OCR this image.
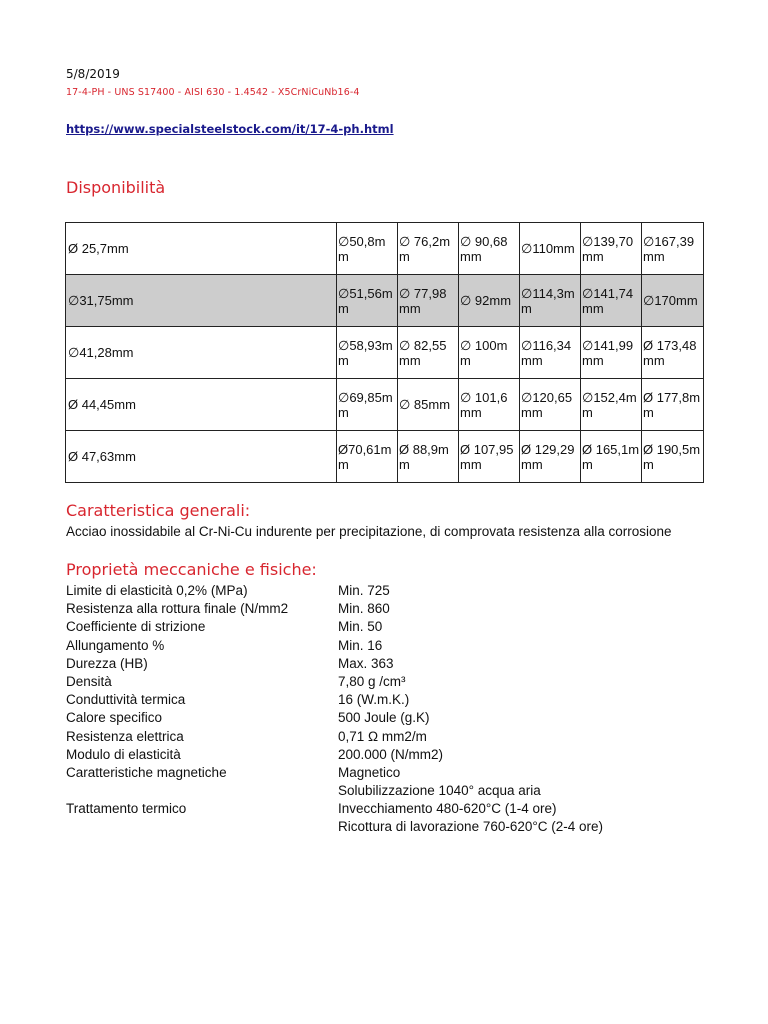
5/8/2019
17-4-PH - UNS S17400 - AISI 630 - 1.4542 - X5CrNiCuNb16-4
https://www.specialsteelstock.com/it/17-4-ph.html
Disponibilità
Ø 25,7mm	∅50,8mm	∅ 76,2mm	∅ 90,68mm	∅110mm	∅139,70mm	∅167,39mm
∅31,75mm	∅51,56mm	∅ 77,98mm	∅ 92mm	∅114,3mm	∅141,74mm	∅170mm
∅41,28mm	∅58,93mm	∅ 82,55mm	∅ 100mm	∅116,34mm	∅141,99mm	Ø 173,48mm
Ø 44,45mm	∅69,85mm	∅ 85mm	∅ 101,6mm	∅120,65mm	∅152,4mm	Ø 177,8mm
Ø 47,63mm	Ø70,61mm	Ø 88,9mm	Ø 107,95mm	Ø 129,29mm	Ø 165,1mm	Ø 190,5mm
Caratteristica generali:
Acciao inossidabile al Cr-Ni-Cu indurente per precipitazione, di comprovata resistenza alla corrosione
Proprietà meccaniche e fisiche:
Limite di elasticità 0,2% (MPa)	Min. 725
Resistenza alla rottura finale (N/mm2	Min. 860
Coefficiente di strizione	Min. 50
Allungamento %	Min. 16
Durezza (HB)	Max. 363
Densità	7,80 g /cm³
Conduttività termica	16 (W.m.K.)
Calore specifico	500 Joule (g.K)
Resistenza elettrica	0,71 Ω mm2/m
Modulo di elasticità	200.000 (N/mm2)
Caratteristiche magnetiche	Magnetico
Solubilizzazione 1040° acqua aria
Trattamento termico	Invecchiamento 480-620°C (1-4 ore)
Ricottura di lavorazione 760-620°C (2-4 ore)
